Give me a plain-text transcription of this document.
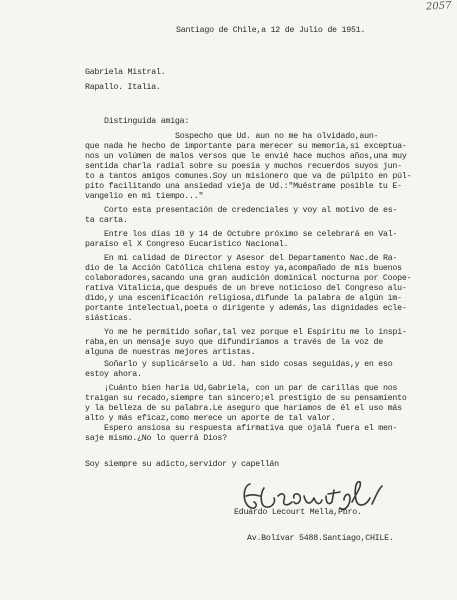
2057
Santiago de Chile,a 12 de Julio de 1951.
Gabriela Mistral.
Rapallo. Italia.
Distinguida amiga:
Sospecho que Ud. aun no me ha olvidado,aun-
que nada he hecho de importante para merecer su memoria,si exceptua-
nos un volúmen de malos versos que le envié hace muchos años,una muy
sentida charla radial sobre su poesía y muchos recuerdos suyos jun-
to a tantos amigos comunes.Soy un misionero que va de púlpito en púl-
pito facilitando una ansiedad vieja de Ud.:"Muéstrame posible tu E-
vangelio en mi tiempo..."
Corto esta presentación de credenciales y voy al motivo de es-
ta carta.
Entre los días 10 y 14 de Octubre próximo se celebrará en Val-
paraíso el X Congreso Eucarístico Nacional.
En mi calidad de Director y Asesor del Departamento Nac.de Ra-
dio de la Acción Católica chilena estoy ya,acompañado de mis buenos
colaboradores,sacando una gran audición dominical nocturna por Coope-
rativa Vitalicia,que después de un breve noticioso del Congreso alu-
dido,y una escenificación religiosa,difunde la palabra de algún im-
portante intelectual,poeta o dirigente y además,las dignidades ecle-
siásticas.
Yo me he permitido soñar,tal vez porque el Espíritu me lo inspi-
raba,en un mensaje suyo que difundiríamos a través de la voz de
alguna de nuestras mejores artistas.
Soñarlo y suplicárselo a Ud. han sido cosas seguidas,y en eso
estoy ahora.
¡Cuánto bien haría Ud,Gabriela, con un par de carillas que nos
traigan su recado,siempre tan sincero;el prestigio de su pensamiento
y la belleza de su palabra.Le aseguro que haríamos de él el uso más
alto y más eficaz,como merece un aporte de tal valor.
Espero ansiosa su respuesta afirmativa que ojalá fuera el men-
saje mismo.¿No lo querrá Dios?
Soy siempre su adicto,servidor y capellán
Eduardo Lecourt Mella,Pbro.
Av.Bolívar 5488.Santiago,CHILE.
